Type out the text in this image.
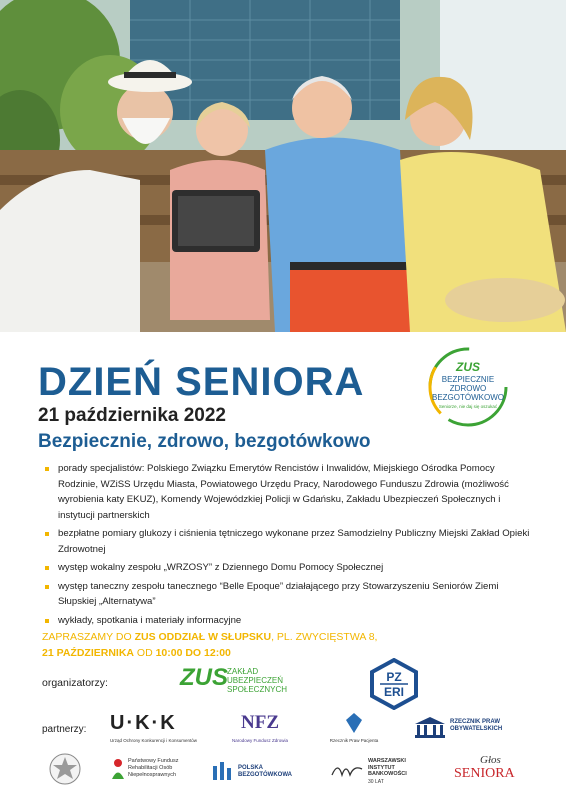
DZIEŃ SENIORA
21 października 2022
Bezpiecznie, zdrowo, bezgotówkowo
ZUS
BEZPIECZNIE
ZDROWO
BEZGOTÓWKOWO
Seniorze, nie daj się oszukać
porady specjalistów: Polskiego Związku Emerytów Rencistów i Inwalidów, Miejskiego Ośrodka Pomocy Rodzinie, WZiSS Urzędu Miasta, Powiatowego Urzędu Pracy, Narodowego Funduszu Zdrowia (możliwość wyrobienia katy EKUZ), Komendy Wojewódzkiej Policji w Gdańsku, Zakładu Ubezpieczeń Społecznych i instytucji partnerskich
bezpłatne pomiary glukozy i ciśnienia tętniczego wykonane przez Samodzielny Publiczny Miejski Zakład Opieki Zdrowotnej
występ wokalny zespołu „WRZOSY” z Dziennego Domu Pomocy Społecznej
występ taneczny zespołu tanecznego “Belle Epoque” działającego przy Stowarzyszeniu Seniorów Ziemi Słupskiej „Alternatywa”
wykłady, spotkania i materiały informacyjne
ZAPRASZAMY DO ZUS ODDZIAŁ W SŁUPSKU, PL. ZWYCIĘSTWA 8,
21 PAŹDZIERNIKA OD 10:00 DO 12:00
organizatorzy:	ZUS ZAKŁAD UBEZPIECZEŃ SPOŁECZNYCH
PZ
ERI
partnerzy: U·K·K
Urząd Ochrony Konkurencji i Konsumentów
NFZ
Narodowy Fundusz Zdrowia	Rzecznik Praw Pacjenta
RZECZNIK PRAW OBYWATELSKICH
Państwowy Fundusz Rehabilitacji Osób Niepełnosprawnych
POLSKA BEZGOTÓWKOWA
WARSZAWSKI INSTYTUT BANKOWOŚCI
30 LAT
Głos
SENIORA
